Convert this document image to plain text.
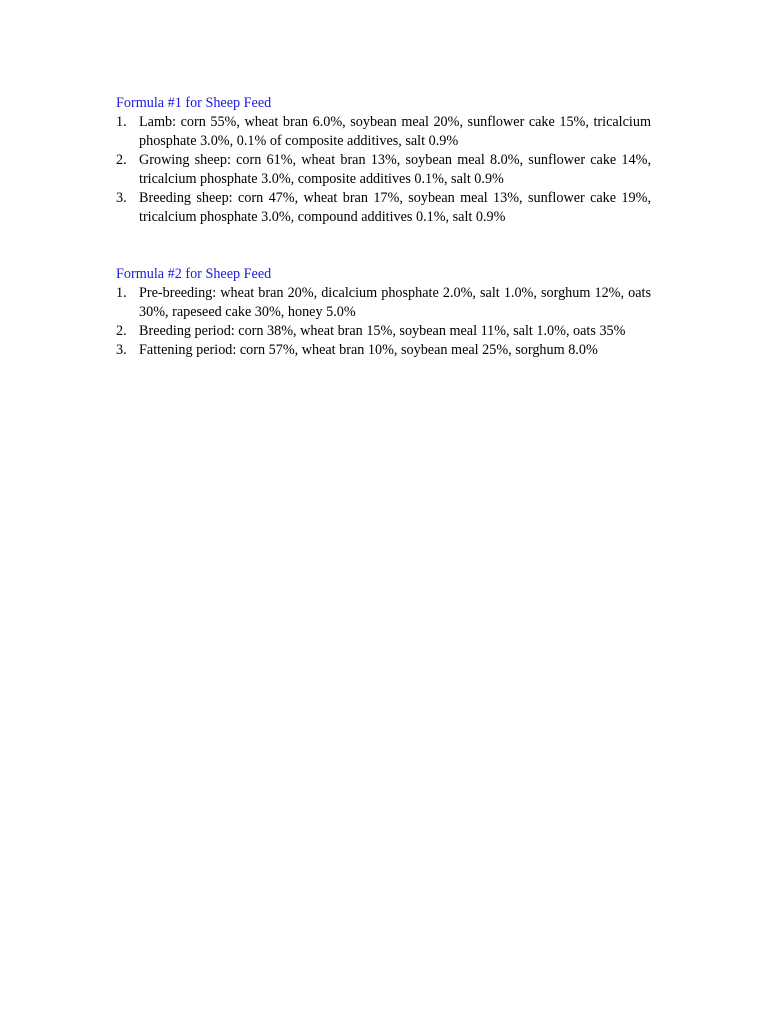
Formula #1 for Sheep Feed
1. Lamb: corn 55%, wheat bran 6.0%, soybean meal 20%, sunflower cake 15%, tricalcium phosphate 3.0%, 0.1% of composite additives, salt 0.9%
2. Growing sheep: corn 61%, wheat bran 13%, soybean meal 8.0%, sunflower cake 14%, tricalcium phosphate 3.0%, composite additives 0.1%, salt 0.9%
3. Breeding sheep: corn 47%, wheat bran 17%, soybean meal 13%, sunflower cake 19%, tricalcium phosphate 3.0%, compound additives 0.1%, salt 0.9%
Formula #2 for Sheep Feed
1. Pre-breeding: wheat bran 20%, dicalcium phosphate 2.0%, salt 1.0%, sorghum 12%, oats 30%, rapeseed cake 30%, honey 5.0%
2. Breeding period: corn 38%, wheat bran 15%, soybean meal 11%, salt 1.0%, oats 35%
3. Fattening period: corn 57%, wheat bran 10%, soybean meal 25%, sorghum 8.0%
